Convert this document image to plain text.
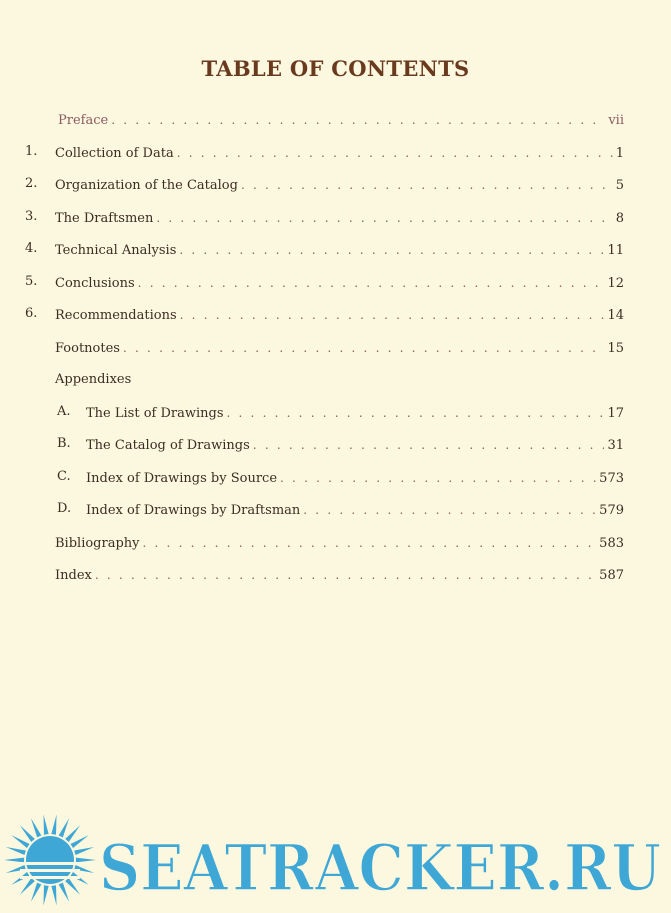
TABLE OF CONTENTS
Preface . . .	vii
1. Collection of Data . . .	1
2. Organization of the Catalog . . .	5
3. The Draftsmen . . .	8
4. Technical Analysis . . .	11
5. Conclusions . . .	12
6. Recommendations . . .	14
Footnotes . . .	15
Appendixes
A. The List of Drawings . . .	17
B. The Catalog of Drawings . . .	31
C. Index of Drawings by Source . . .	573
D. Index of Drawings by Draftsman . . .	579
Bibliography . . .	583
Index . . .	587
SEATRACKER.RU
